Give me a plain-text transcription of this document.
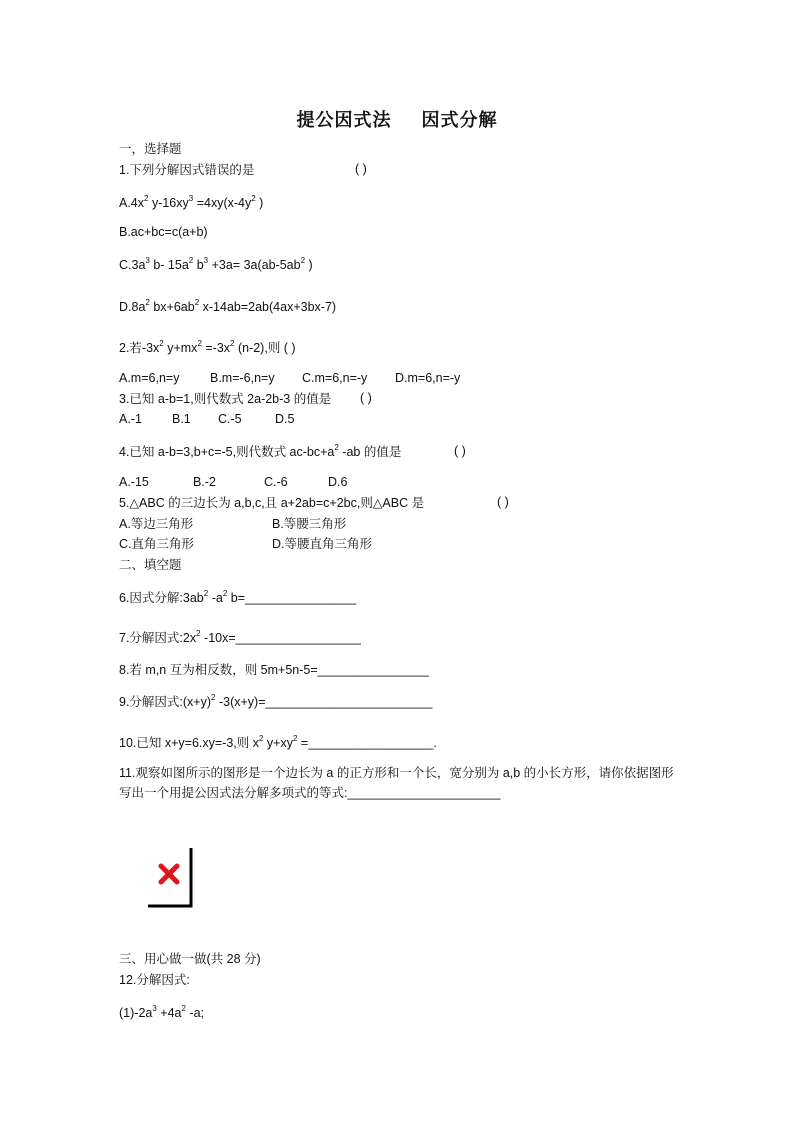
提公因式法     因式分解
一，选择题
1.下列分解因式错误的是	( )
$A.4x^2$ $y-16xy^3 =4xy(x-4y^2$ )
B.ac+bc=c(a+b)
$C.3a^3$ b- $15a^2$ $b^3 +3a= 3a(ab-5ab^2$ )
$D.8a^2$ $bx+6ab^2$ x-14ab=2ab(4ax+3bx-7)
2.若$-3x^2$ $y+mx^2 =-3x^2$ (n-2),则 ( )
A.m=6,n=y B.m=-6,n=y C.m=6,n=-y D.m=6,n=-y
3.已知 a-b=1,则代数式 2a-2b-3 的值是 ( )
A.-1 B.1 C.-5	D.5
4.已知 a-b=3,b+c=-5,则代数式 $ac-bc+a^2$ -ab 的值是	( )
A.-15	B.-2	C.-6	D.6
5.△ABC 的三边长为 a,b,c,且 a+2ab=c+2bc,则△ABC 是	( )
A.等边三角形	B.等腰三角形
C.直角三角形	D.等腰直角三角形
二、填空题
6.因式分解$:3ab^2$ $-a^2$ b=________________
7.分解因式$:2x^2$ -10x=__________________
8.若 m,n 互为相反数，则 5m+5n-5=________________
9.分解因式$:(x+y)^2$ -3(x+y)=________________________
10.已知 x+y=6.xy=-3,则 $x^2$ $y+xy^2$ =__________________.
11.观察如图所示的图形是一个边长为 a 的正方形和一个长，宽分别为 a,b 的小长方形，请你依据图形写出一个用提公因式法分解多项式的等式:______________________
三、用心做一做(共 28 分)
12.分解因式:
$(1)-2a^3 +4a^2$ -a;
